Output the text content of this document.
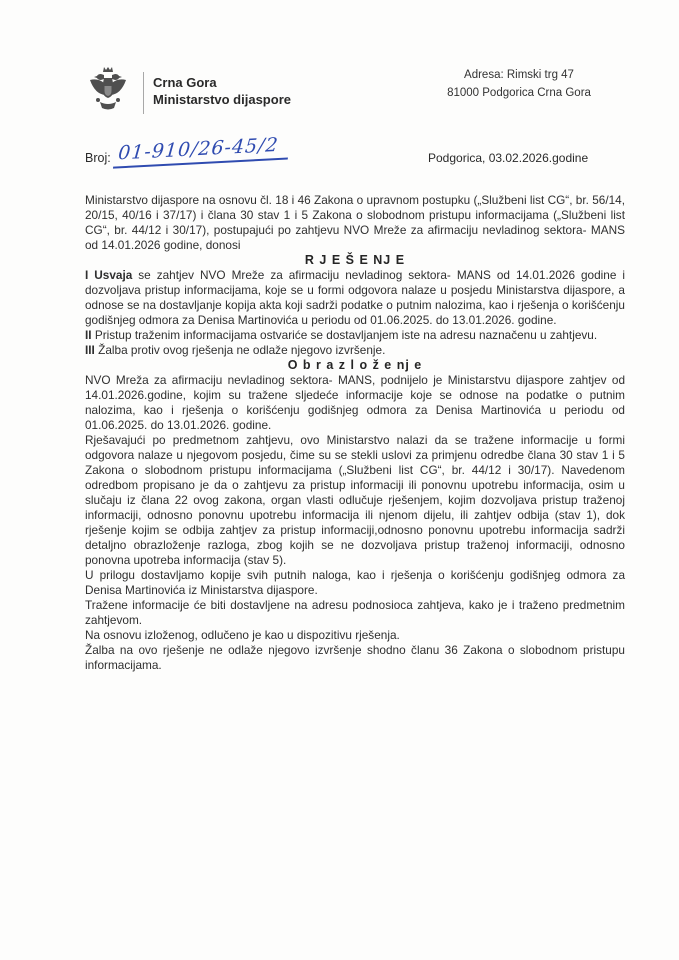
Crna Gora
Ministarstvo dijaspore
Adresa: Rimski trg 47
81000 Podgorica Crna Gora
Broj: 01-910/26-45/2	Podgorica, 03.02.2026.godine

Ministarstvo dijaspore na osnovu čl. 18 i 46 Zakona o upravnom postupku („Službeni list CG“, br. 56/14, 20/15, 40/16 i 37/17) i člana 30 stav 1 i 5 Zakona o slobodnom pristupu informacijama („Službeni list CG“, br. 44/12 i 30/17), postupajući po zahtjevu NVO Mreže za afirmaciju nevladinog sektora- MANS od 14.01.2026 godine, donosi

R J E Š E NJ E

I Usvaja se zahtjev NVO Mreže za afirmaciju nevladinog sektora- MANS od 14.01.2026 godine i dozvoljava pristup informacijama, koje se u formi odgovora nalaze u posjedu Ministarstva dijaspore, a odnose se na dostavljanje kopija akta koji sadrži podatke o putnim nalozima, kao i rješenja o korišćenju godišnjeg odmora za Denisa Martinovića u periodu od 01.06.2025. do 13.01.2026. godine.

II Pristup traženim informacijama ostvariće se dostavljanjem iste na adresu naznačenu u zahtjevu.

III Žalba protiv ovog rješenja ne odlaže njegovo izvršenje.

O b r a z l o ž e nj e

NVO Mreža za afirmaciju nevladinog sektora- MANS, podnijelo je Ministarstvu dijaspore zahtjev od 14.01.2026.godine, kojim su tražene sljedeće informacije koje se odnose na podatke o putnim nalozima, kao i rješenja o korišćenju godišnjeg odmora za Denisa Martinovića u periodu od 01.06.2025. do 13.01.2026. godine.

Rješavajući po predmetnom zahtjevu, ovo Ministarstvo nalazi da se tražene informacije u formi odgovora nalaze u njegovom posjedu, čime su se stekli uslovi za primjenu odredbe člana 30 stav 1 i 5 Zakona o slobodnom pristupu informacijama („Službeni list CG“, br. 44/12 i 30/17). Navedenom odredbom propisano je da o zahtjevu za pristup informaciji ili ponovnu upotrebu informacija, osim u slučaju iz člana 22 ovog zakona, organ vlasti odlučuje rješenjem, kojim dozvoljava pristup traženoj informaciji, odnosno ponovnu upotrebu informacija ili njenom dijelu, ili zahtjev odbija (stav 1), dok rješenje kojim se odbija zahtjev za pristup informaciji,odnosno ponovnu upotrebu informacija sadrži detaljno obrazloženje razloga, zbog kojih se ne dozvoljava pristup traženoj informaciji, odnosno ponovna upotreba informacija (stav 5).

U prilogu dostavljamo kopije svih putnih naloga, kao i rješenja o korišćenju godišnjeg odmora za Denisa Martinovića iz Ministarstva dijaspore.

Tražene informacije će biti dostavljene na adresu podnosioca zahtjeva, kako je i traženo predmetnim zahtjevom.

Na osnovu izloženog, odlučeno je kao u dispozitivu rješenja.

Žalba na ovo rješenje ne odlaže njegovo izvršenje shodno članu 36 Zakona o slobodnom pristupu informacijama.
